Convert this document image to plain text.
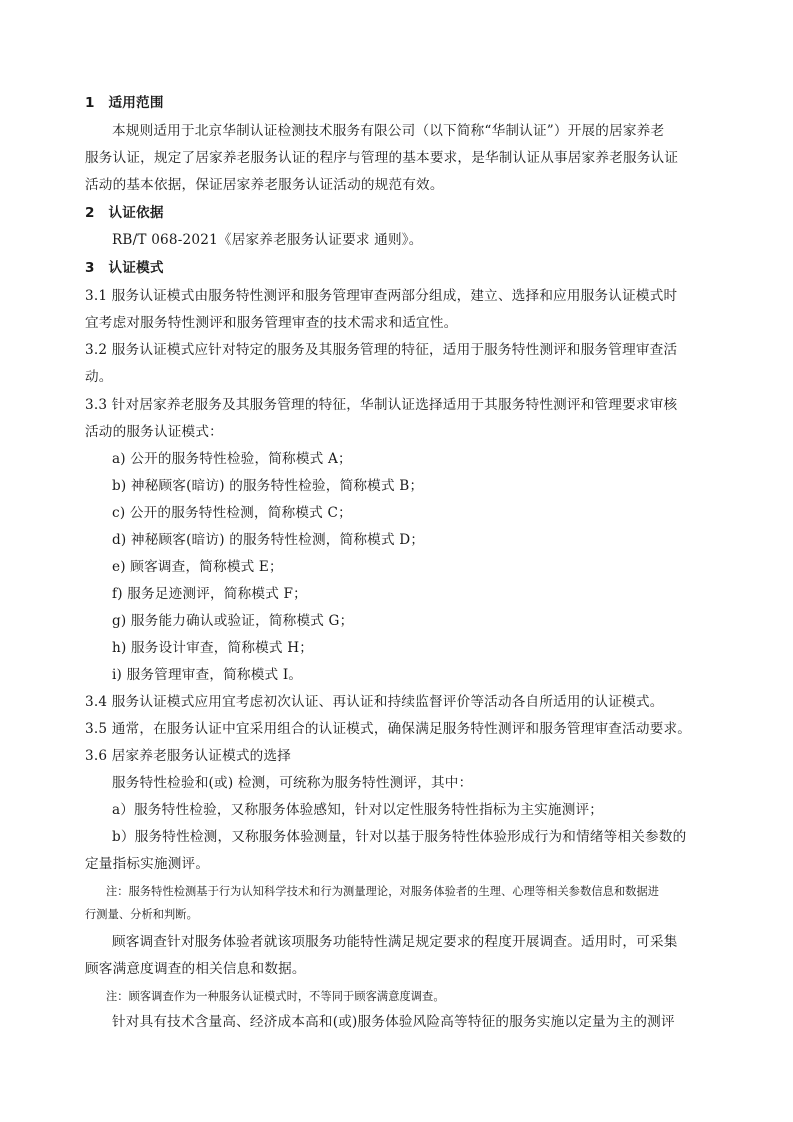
1　适用范围

本规则适用于北京华制认证检测技术服务有限公司（以下简称“华制认证”）开展的居家养老

服务认证，规定了居家养老服务认证的程序与管理的基本要求，是华制认证从事居家养老服务认证

活动的基本依据，保证居家养老服务认证活动的规范有效。

2　认证依据

RB/T 068-2021《居家养老服务认证要求 通则》。

3　认证模式

3.1 服务认证模式由服务特性测评和服务管理审查两部分组成，建立、选择和应用服务认证模式时

宜考虑对服务特性测评和服务管理审查的技术需求和适宜性。

3.2 服务认证模式应针对特定的服务及其服务管理的特征，适用于服务特性测评和服务管理审查活

动。

3.3 针对居家养老服务及其服务管理的特征，华制认证选择适用于其服务特性测评和管理要求审核

活动的服务认证模式：

a) 公开的服务特性检验，简称模式 A；

b) 神秘顾客(暗访) 的服务特性检验，简称模式 B；

c) 公开的服务特性检测，简称模式 C；

d) 神秘顾客(暗访) 的服务特性检测，简称模式 D；

e) 顾客调查，简称模式 E；

f) 服务足迹测评，简称模式 F；

g) 服务能力确认或验证，简称模式 G；

h) 服务设计审查，简称模式 H；

i) 服务管理审查，简称模式 I。

3.4 服务认证模式应用宜考虑初次认证、再认证和持续监督评价等活动各自所适用的认证模式。

3.5 通常，在服务认证中宜采用组合的认证模式，确保满足服务特性测评和服务管理审查活动要求。

3.6 居家养老服务认证模式的选择

服务特性检验和(或) 检测，可统称为服务特性测评，其中：

a）服务特性检验，又称服务体验感知，针对以定性服务特性指标为主实施测评；

b）服务特性检测，又称服务体验测量，针对以基于服务特性体验形成行为和情绪等相关参数的

定量指标实施测评。

注：服务特性检测基于行为认知科学技术和行为测量理论，对服务体验者的生理、心理等相关参数信息和数据进

行测量、分析和判断。

顾客调查针对服务体验者就该项服务功能特性满足规定要求的程度开展调查。适用时，可采集

顾客满意度调查的相关信息和数据。

注：顾客调查作为一种服务认证模式时，不等同于顾客满意度调查。

针对具有技术含量高、经济成本高和(或)服务体验风险高等特征的服务实施以定量为主的测评
